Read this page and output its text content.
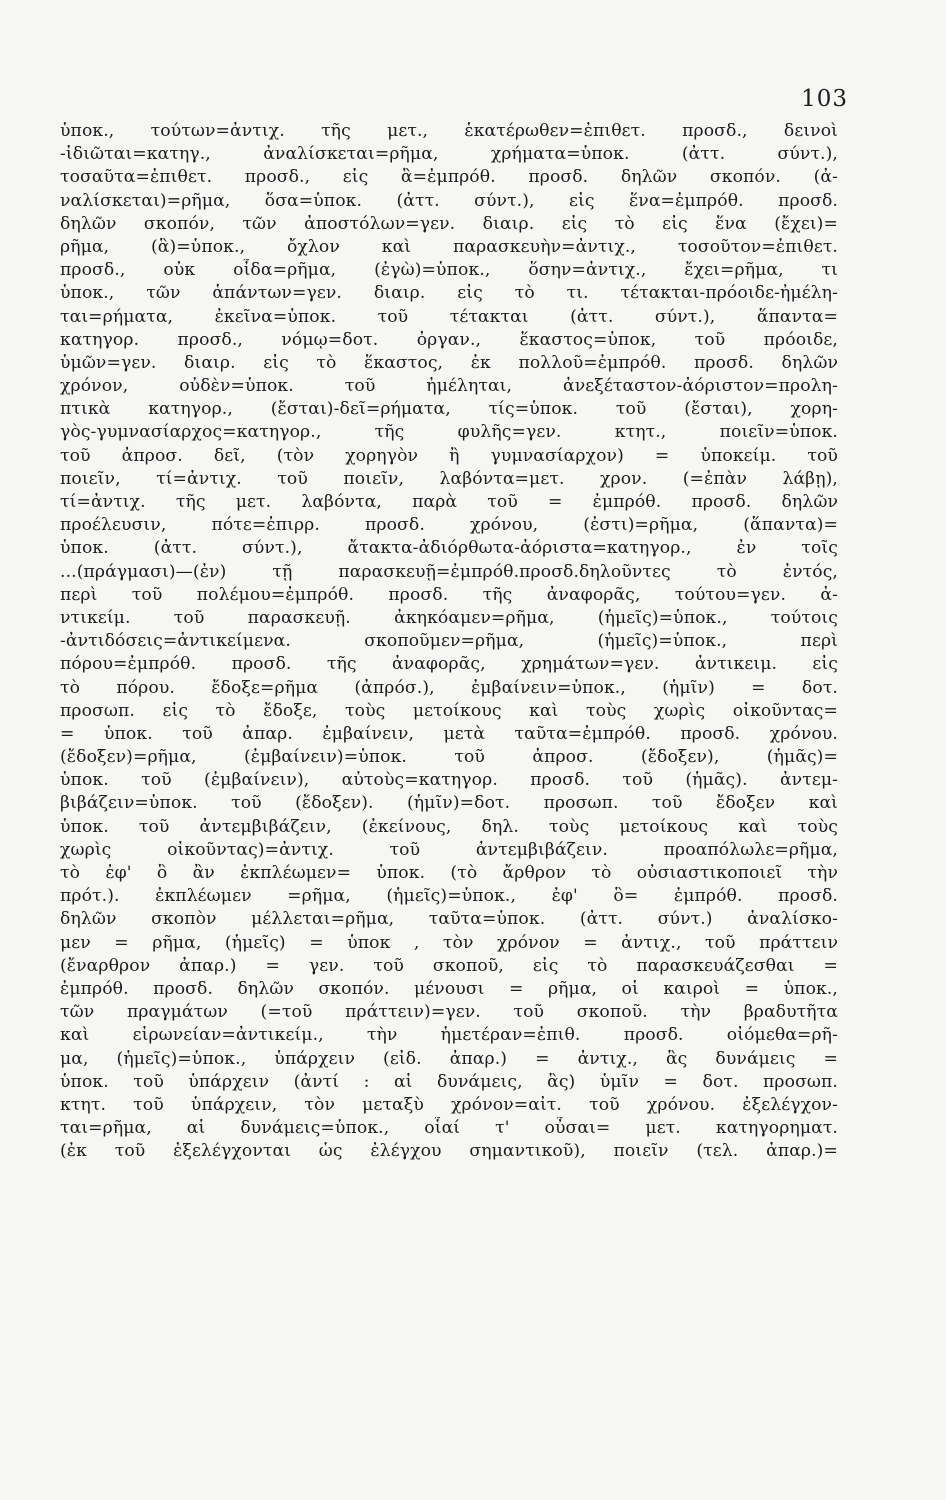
103
ὑποκ., τούτων=ἀντιχ. τῆς μετ., ἑκατέρωθεν=ἐπιθετ. προσδ., δεινοὶ
-ἰδιῶται=κατηγ., ἀναλίσκεται=ρῆμα, χρήματα=ὑποκ. (ἀττ. σύντ.),
τοσαῦτα=ἐπιθετ. προσδ., εἰς ἃ=ἐμπρόθ. προσδ. δηλῶν σκοπόν. (ἀ-
ναλίσκεται)=ρῆμα, ὅσα=ὑποκ. (ἀττ. σύντ.), εἰς ἕνα=ἐμπρόθ. προσδ.
δηλῶν σκοπόν, τῶν ἀποστόλων=γεν. διαιρ. εἰς τὸ εἰς ἕνα (ἔχει)=
ρῆμα, (ἃ)=ὑποκ., ὄχλον καὶ παρασκευὴν=ἀντιχ., τοσοῦτον=ἐπιθετ.
προσδ., οὐκ οἶδα=ρῆμα, (ἐγὼ)=ὑποκ., ὅσην=ἀντιχ., ἔχει=ρῆμα, τι
ὑποκ., τῶν ἁπάντων=γεν. διαιρ. εἰς τὸ τι. τέτακται-πρόοιδε-ἠμέλη-
ται=ρήματα, ἐκεῖνα=ὑποκ. τοῦ τέτακται (ἀττ. σύντ.), ἅπαντα=
κατηγορ. προσδ., νόμῳ=δοτ. ὀργαν., ἕκαστος=ὑποκ, τοῦ πρόοιδε,
ὑμῶν=γεν. διαιρ. εἰς τὸ ἕκαστος, ἐκ πολλοῦ=ἐμπρόθ. προσδ. δηλῶν
χρόνον, οὐδὲν=ὑποκ. τοῦ ἠμέληται, ἀνεξέταστον-ἀόριστον=προλη-
πτικὰ κατηγορ., (ἔσται)-δεῖ=ρήματα, τίς=ὑποκ. τοῦ (ἔσται), χορη-
γὸς-γυμνασίαρχος=κατηγορ., τῆς φυλῆς=γεν. κτητ., ποιεῖν=ὑποκ.
τοῦ ἀπροσ. δεῖ, (τὸν χορηγὸν ἢ γυμνασίαρχον) = ὑποκείμ. τοῦ
ποιεῖν, τί=ἀντιχ. τοῦ ποιεῖν, λαβόντα=μετ. χρον. (=ἐπὰν λάβῃ),
τί=ἀντιχ. τῆς μετ. λαβόντα, παρὰ τοῦ = ἐμπρόθ. προσδ. δηλῶν
προέλευσιν, πότε=ἐπιρρ. προσδ. χρόνου, (ἐστι)=ρῆμα, (ἅπαντα)=
ὑποκ. (ἀττ. σύντ.), ἄτακτα-ἀδιόρθωτα-ἀόριστα=κατηγορ., ἐν τοῖς
...(πράγμασι)—(ἐν) τῇ παρασκευῇ=ἐμπρόθ.προσδ.δηλοῦντες τὸ ἐντός,
περὶ τοῦ πολέμου=ἐμπρόθ. προσδ. τῆς ἀναφορᾶς, τούτου=γεν. ἀ-
ντικείμ. τοῦ παρασκευῇ. ἀκηκόαμεν=ρῆμα, (ἡμεῖς)=ὑποκ., τούτοις
-ἀντιδόσεις=ἀντικείμενα. σκοποῦμεν=ρῆμα, (ἡμεῖς)=ὑποκ., περὶ
πόρου=ἐμπρόθ. προσδ. τῆς ἀναφορᾶς, χρημάτων=γεν. ἀντικειμ. εἰς
τὸ πόρου. ἔδοξε=ρῆμα (ἀπρόσ.), ἐμβαίνειν=ὑποκ., (ἡμῖν) = δοτ.
προσωπ. εἰς τὸ ἔδοξε, τοὺς μετοίκους καὶ τοὺς χωρὶς οἰκοῦντας=
= ὑποκ. τοῦ ἀπαρ. ἐμβαίνειν, μετὰ ταῦτα=ἐμπρόθ. προσδ. χρόνου.
(ἔδοξεν)=ρῆμα, (ἐμβαίνειν)=ὑποκ. τοῦ ἀπροσ. (ἔδοξεν), (ἡμᾶς)=
ὑποκ. τοῦ (ἐμβαίνειν), αὐτοὺς=κατηγορ. προσδ. τοῦ (ἡμᾶς). ἀντεμ-
βιβάζειν=ὑποκ. τοῦ (ἔδοξεν). (ἡμῖν)=δοτ. προσωπ. τοῦ ἔδοξεν καὶ
ὑποκ. τοῦ ἀντεμβιβάζειν, (ἐκείνους, δηλ. τοὺς μετοίκους καὶ τοὺς
χωρὶς οἰκοῦντας)=ἀντιχ. τοῦ ἀντεμβιβάζειν. προαπόλωλε=ρῆμα,
τὸ ἐφ' ὃ ἂν ἐκπλέωμεν= ὑποκ. (τὸ ἄρθρον τὸ οὐσιαστικοποιεῖ τὴν
πρότ.). ἐκπλέωμεν =ρῆμα, (ἡμεῖς)=ὑποκ., ἐφ' ὃ= ἐμπρόθ. προσδ.
δηλῶν σκοπὸν μέλλεται=ρῆμα, ταῦτα=ὑποκ. (ἀττ. σύντ.) ἀναλίσκο-
μεν = ρῆμα, (ἡμεῖς) = ὑποκ , τὸν χρόνον = ἀντιχ., τοῦ πράττειν
(ἔναρθρον ἀπαρ.) = γεν. τοῦ σκοποῦ, εἰς τὸ παρασκευάζεσθαι =
ἐμπρόθ. προσδ. δηλῶν σκοπόν. μένουσι = ρῆμα, οἱ καιροὶ = ὑποκ.,
τῶν πραγμάτων (=τοῦ πράττειν)=γεν. τοῦ σκοποῦ. τὴν βραδυτῆτα
καὶ εἰρωνείαν=ἀντικείμ., τὴν ἡμετέραν=ἐπιθ. προσδ. οἰόμεθα=ρῆ-
μα, (ἡμεῖς)=ὑποκ., ὑπάρχειν (εἰδ. ἀπαρ.) = ἀντιχ., ἃς δυνάμεις =
ὑποκ. τοῦ ὑπάρχειν (ἀντί : αἱ δυνάμεις, ἃς) ὑμῖν = δοτ. προσωπ.
κτητ. τοῦ ὑπάρχειν, τὸν μεταξὺ χρόνον=αἰτ. τοῦ χρόνου. ἐξελέγχον-
ται=ρῆμα, αἱ δυνάμεις=ὑποκ., οἷαί τ' οὖσαι= μετ. κατηγορηματ.
(ἐκ τοῦ ἐξελέγχονται ὡς ἐλέγχου σημαντικοῦ), ποιεῖν (τελ. ἀπαρ.)=
